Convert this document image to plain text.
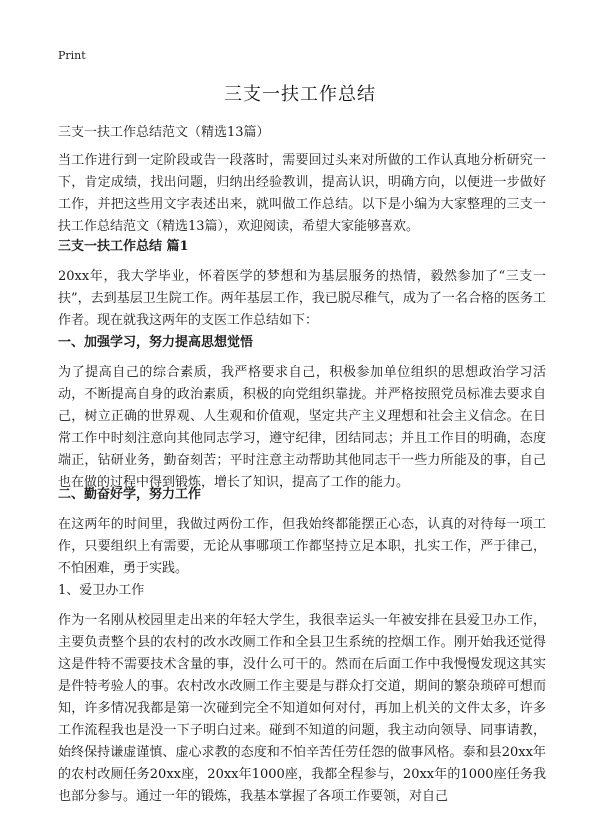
Print
三支一扶工作总结
三支一扶工作总结范文（精选13篇）
当工作进行到一定阶段或告一段落时，需要回过头来对所做的工作认真地分析研究一下，肯定成绩，找出问题，归纳出经验教训，提高认识，明确方向，以便进一步做好工作，并把这些用文字表述出来，就叫做工作总结。以下是小编为大家整理的三支一扶工作总结范文（精选13篇），欢迎阅读，希望大家能够喜欢。
三支一扶工作总结 篇1
20xx年，我大学毕业，怀着医学的梦想和为基层服务的热情，毅然参加了“三支一扶”，去到基层卫生院工作。两年基层工作，我已脱尽稚气，成为了一名合格的医务工作者。现在就我这两年的支医工作总结如下：
一、加强学习，努力提高思想觉悟
为了提高自己的综合素质，我严格要求自己，积极参加单位组织的思想政治学习活动，不断提高自身的政治素质，积极的向党组织靠拢。并严格按照党员标准去要求自己，树立正确的世界观、人生观和价值观，坚定共产主义理想和社会主义信念。在日常工作中时刻注意向其他同志学习，遵守纪律，团结同志；并且工作目的明确，态度端正，钻研业务，勤奋刻苦；平时注意主动帮助其他同志干一些力所能及的事，自己也在做的过程中得到锻炼，增长了知识，提高了工作的能力。
二、勤奋好学，努力工作
在这两年的时间里，我做过两份工作，但我始终都能摆正心态，认真的对待每一项工作，只要组织上有需要，无论从事哪项工作都坚持立足本职，扎实工作，严于律己，不怕困难，勇于实践。
1、爱卫办工作
作为一名刚从校园里走出来的年轻大学生，我很幸运头一年被安排在县爱卫办工作，主要负责整个县的农村的改水改厕工作和全县卫生系统的控烟工作。刚开始我还觉得这是件特不需要技术含量的事，没什么可干的。然而在后面工作中我慢慢发现这其实是件特考验人的事。农村改水改厕工作主要是与群众打交道，期间的繁杂琐碎可想而知，许多情况我都是第一次碰到完全不知道如何对付，再加上机关的文件太多，许多工作流程我也是没一下子明白过来。碰到不知道的问题，我主动向领导、同事请教，始终保持谦虚谨慎、虚心求教的态度和不怕辛苦任劳任怨的做事风格。泰和县20xx年的农村改厕任务20xx座，20xx年1000座，我都全程参与，20xx年的1000座任务我也部分参与。通过一年的锻炼，我基本掌握了各项工作要领，对自己
